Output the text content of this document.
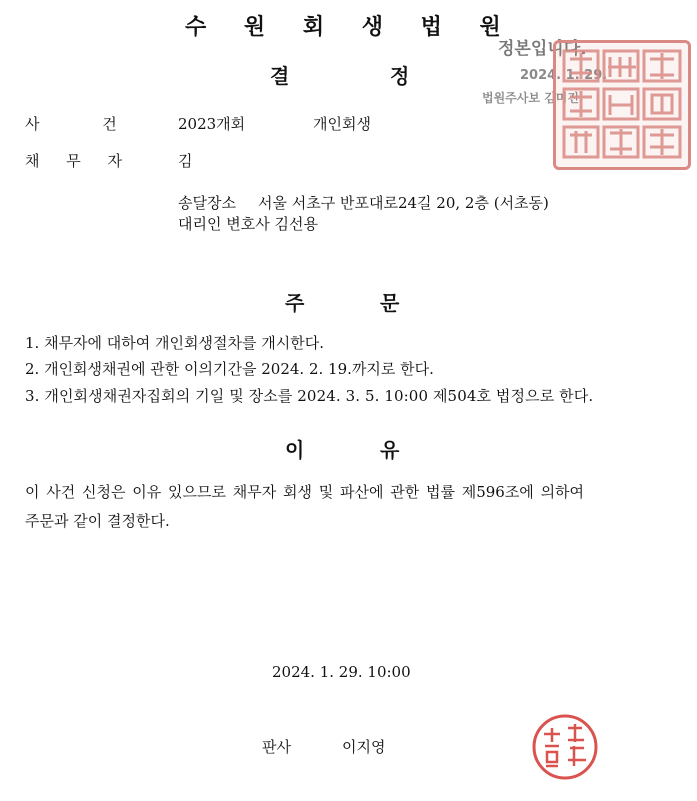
수 원 회 생 법 원
결	정
정본입니다.
2024. 1. 29.
법원주사보 김미진
사 건	2023개회	개인회생
채 무 자	김
송달장소 서울 서초구 반포대로24길 20, 2층 (서초동)
대리인 변호사 김선용
주	문
1. 채무자에 대하여 개인회생절차를 개시한다.
2. 개인회생채권에 관한 이의기간을 2024. 2. 19.까지로 한다.
3. 개인회생채권자집회의 기일 및 장소를 2024. 3. 5. 10:00 제504호 법정으로 한다.
이	유
이 사건 신청은 이유 있으므로 채무자 회생 및 파산에 관한 법률 제596조에 의하여
주문과 같이 결정한다.
2024. 1. 29. 10:00
판사	이지영
